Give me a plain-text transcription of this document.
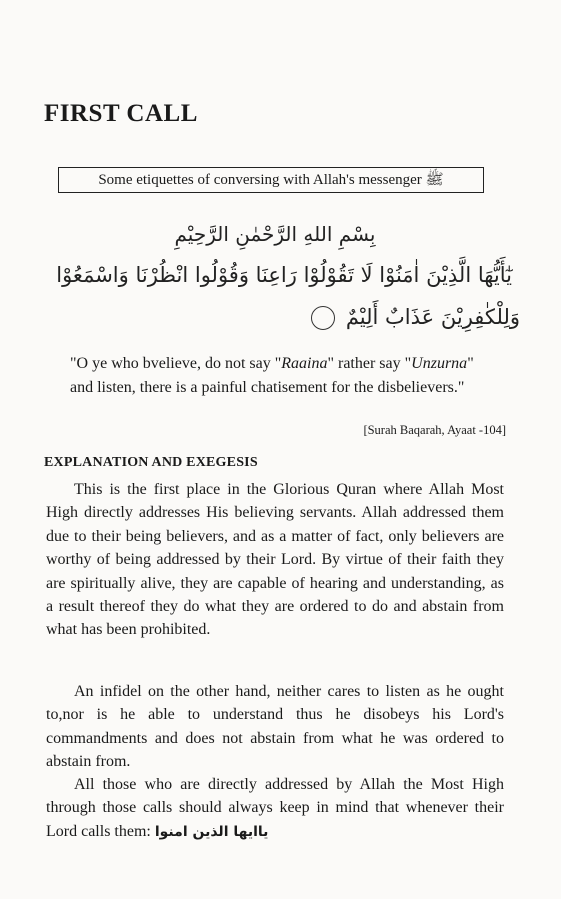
FIRST CALL
Some etiquettes of conversing with Allah's messenger ﷺ
بِسْمِ اللهِ الرَّحْمٰنِ الرَّحِيْمِ
يٰٓأَيُّهَا الَّذِيْنَ اٰمَنُوْا لَا تَقُوْلُوْا رَاعِنَا وَقُوْلُوا انْظُرْنَا وَاسْمَعُوْا
وَلِلْكٰفِرِيْنَ عَذَابٌ أَلِيْمٌ
"O ye who bvelieve, do not say "Raaina" rather say "Unzurna" and listen, there is a painful chatisement for the disbelievers."
[Surah Baqarah, Ayaat -104]
EXPLANATION AND EXEGESIS

This is the first place in the Glorious Quran where Allah Most High directly addresses His believing servants. Allah addressed them due to their being believers, and as a matter of fact, only believers are worthy of being addressed by their Lord. By virtue of their faith they are spiritually alive, they are capable of hearing and understanding, as a result thereof they do what they are ordered to do and abstain from what has been prohibited.

An infidel on the other hand, neither cares to listen as he ought to,nor is he able to understand thus he disobeys his Lord's commandments and does not abstain from what he was ordered to abstain from.

All those who are directly addressed by Allah the Most High through those calls should always keep in mind that whenever their Lord calls them: ياايها الذين امنوا
